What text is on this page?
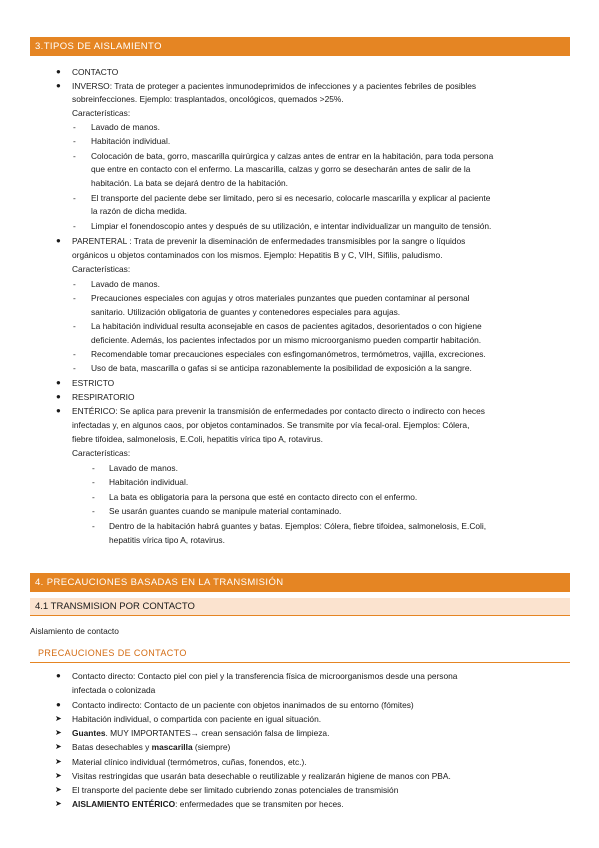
3.TIPOS DE AISLAMIENTO
● CONTACTO
● INVERSO: Trata de proteger a pacientes inmunodeprimidos de infecciones y a pacientes febriles de posibles
sobreinfecciones. Ejemplo: trasplantados, oncológicos, quemados >25%.
Características:
- Lavado de manos.
- Habitación individual.
- Colocación de bata, gorro, mascarilla quirúrgica y calzas antes de entrar en la habitación, para toda persona
que entre en contacto con el enfermo. La mascarilla, calzas y gorro se desecharán antes de salir de la
habitación. La bata se dejará dentro de la habitación.
- El transporte del paciente debe ser limitado, pero si es necesario, colocarle mascarilla y explicar al paciente
la razón de dicha medida.
- Limpiar el fonendoscopio antes y después de su utilización, e intentar individualizar un manguito de tensión.
● PARENTERAL : Trata de prevenir la diseminación de enfermedades transmisibles por la sangre o líquidos
orgánicos u objetos contaminados con los mismos. Ejemplo: Hepatitis B y C, VIH, Sífilis, paludismo.
Características:
- Lavado de manos.
- Precauciones especiales con agujas y otros materiales punzantes que pueden contaminar al personal
sanitario. Utilización obligatoria de guantes y contenedores especiales para agujas.
- La habitación individual resulta aconsejable en casos de pacientes agitados, desorientados o con higiene
deficiente. Además, los pacientes infectados por un mismo microorganismo pueden compartir habitación.
- Recomendable tomar precauciones especiales con esfingomanómetros, termómetros, vajilla, excreciones.
- Uso de bata, mascarilla o gafas si se anticipa razonablemente la posibilidad de exposición a la sangre.
● ESTRICTO
● RESPIRATORIO
● ENTÉRICO: Se aplica para prevenir la transmisión de enfermedades por contacto directo o indirecto con heces
infectadas y, en algunos caos, por objetos contaminados. Se transmite por vía fecal-oral. Ejemplos: Cólera,
fiebre tifoidea, salmonelosis, E.Coli, hepatitis vírica tipo A, rotavirus.
Características:
- Lavado de manos.
- Habitación individual.
- La bata es obligatoria para la persona que esté en contacto directo con el enfermo.
- Se usarán guantes cuando se manipule material contaminado.
- Dentro de la habitación habrá guantes y batas. Ejemplos: Cólera, fiebre tifoidea, salmonelosis, E.Coli,
hepatitis vírica tipo A, rotavirus.
4. PRECAUCIONES BASADAS EN LA TRANSMISIÓN
4.1 TRANSMISION POR CONTACTO
Aislamiento de contacto
PRECAUCIONES DE CONTACTO
● Contacto directo: Contacto piel con piel y la transferencia física de microorganismos desde una persona
infectada o colonizada
● Contacto indirecto: Contacto de un paciente con objetos inanimados de su entorno (fómites)
➤ Habitación individual, o compartida con paciente en igual situación.
➤ Guantes. MUY IMPORTANTES→ crean sensación falsa de limpieza.
➤ Batas desechables y mascarilla (siempre)
➤ Material clínico individual (termómetros, cuñas, fonendos, etc.).
➤ Visitas restringidas que usarán bata desechable o reutilizable y realizarán higiene de manos con PBA.
➤ El transporte del paciente debe ser limitado cubriendo zonas potenciales de transmisión
➤ AISLAMIENTO ENTÉRICO: enfermedades que se transmiten por heces.
